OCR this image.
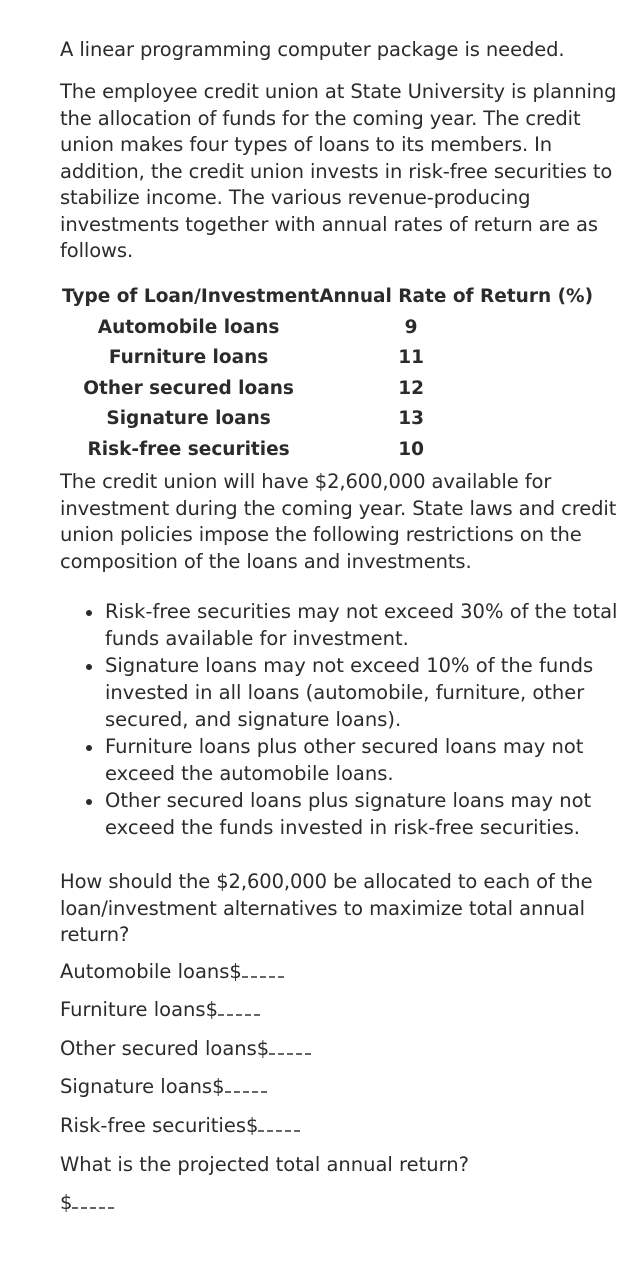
A linear programming computer package is needed.
The employee credit union at State University is planning the allocation of funds for the coming year. The credit union makes four types of loans to its members. In addition, the credit union invests in risk-free securities to stabilize income. The various revenue-producing investments together with annual rates of return are as follows.
Type of Loan/Investment	Annual Rate of Return (%)
Automobile loans	9
Furniture loans	11
Other secured loans	12
Signature loans	13
Risk-free securities	10
The credit union will have $2,600,000 available for investment during the coming year. State laws and credit union policies impose the following restrictions on the composition of the loans and investments.
Risk-free securities may not exceed 30% of the total funds available for investment.
Signature loans may not exceed 10% of the funds invested in all loans (automobile, furniture, other secured, and signature loans).
Furniture loans plus other secured loans may not exceed the automobile loans.
Other secured loans plus signature loans may not exceed the funds invested in risk-free securities.
How should the $2,600,000 be allocated to each of the loan/investment alternatives to maximize total annual return?
Automobile loans$
Furniture loans$
Other secured loans$
Signature loans$
Risk-free securities$
What is the projected total annual return?
$
